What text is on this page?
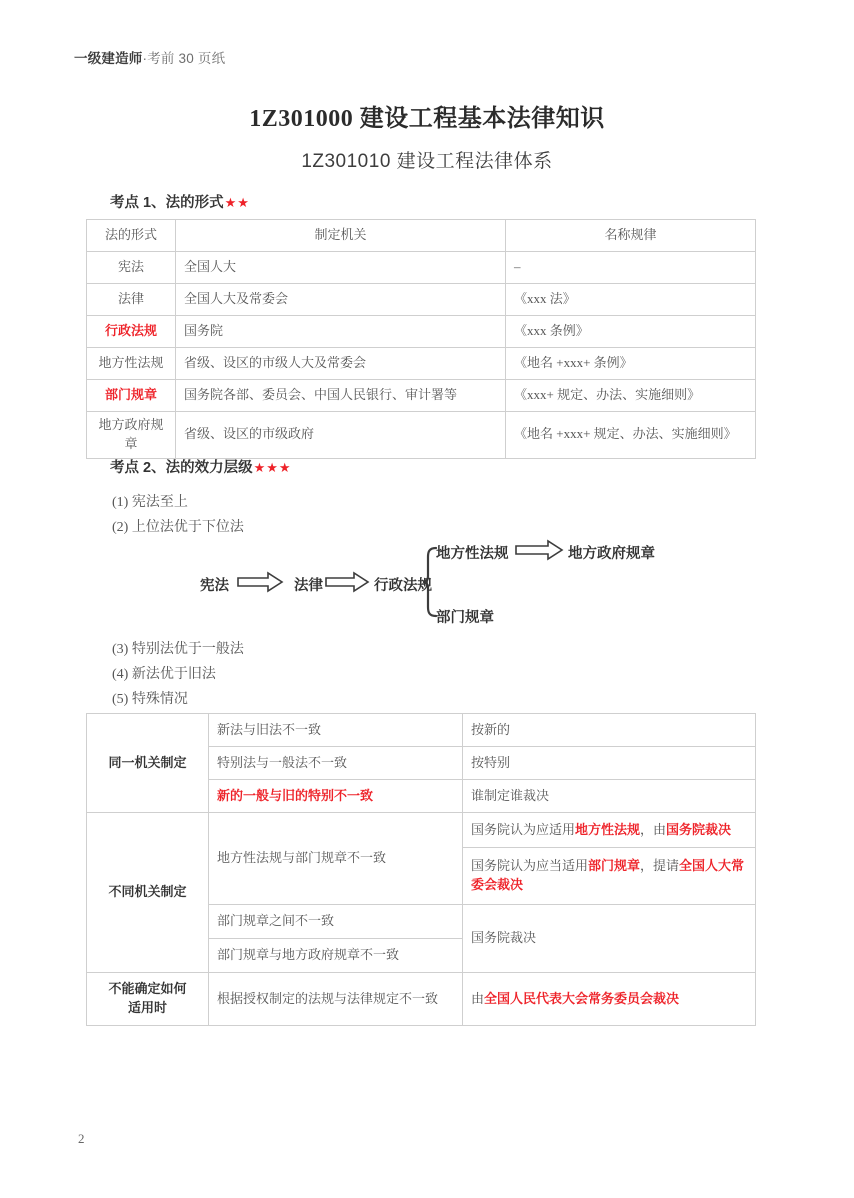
一级建造师·考前 30 页纸
1Z301000 建设工程基本法律知识
1Z301010 建设工程法律体系
考点 1、法的形式★★
法的形式	制定机关	名称规律
宪法	全国人大	–
法律	全国人大及常委会	《xxx 法》
行政法规	国务院	《xxx 条例》
地方性法规	省级、设区的市级人大及常委会	《地名 +xxx+ 条例》
部门规章	国务院各部、委员会、中国人民银行、审计署等	《xxx+ 规定、办法、实施细则》
地方政府规章	省级、设区的市级政府	《地名 +xxx+ 规定、办法、实施细则》
考点 2、法的效力层级★★★
(1) 宪法至上
(2) 上位法优于下位法
宪法	法律	行政法规
地方性法规	地方政府规章
部门规章
(3) 特别法优于一般法
(4) 新法优于旧法
(5) 特殊情况
同一机关制定	新法与旧法不一致	按新的
	特别法与一般法不一致	按特别
	新的一般与旧的特别不一致	谁制定谁裁决
不同机关制定	地方性法规与部门规章不一致	国务院认为应适用地方性法规，由国务院裁决
		国务院认为应当适用部门规章，提请全国人大常委会裁决
	部门规章之间不一致	国务院裁决
	部门规章与地方政府规章不一致	
不能确定如何
适用时	根据授权制定的法规与法律规定不一致	由全国人民代表大会常务委员会裁决
2
